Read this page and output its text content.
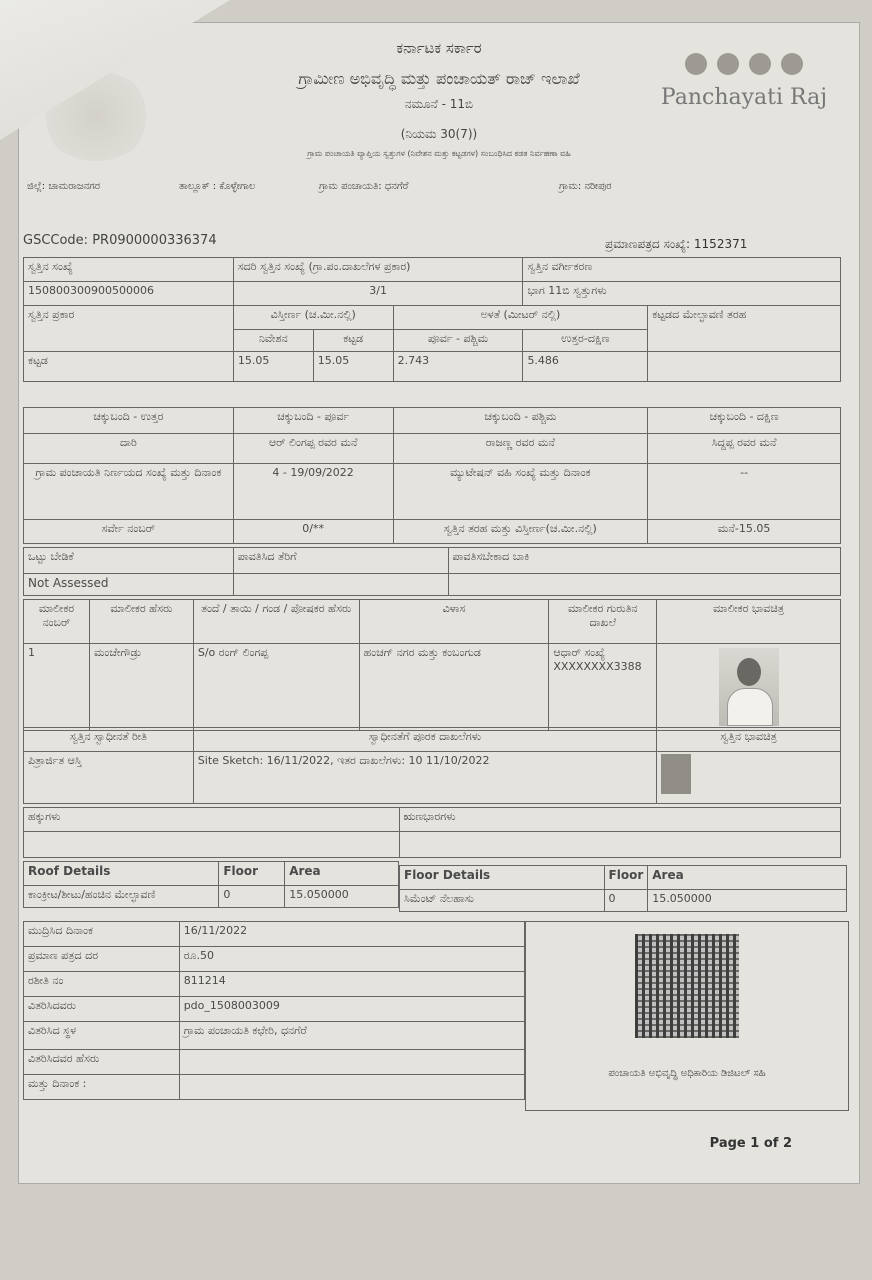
ಕರ್ನಾಟಕ ಸರ್ಕಾರ
ಗ್ರಾಮೀಣ ಅಭಿವೃದ್ಧಿ ಮತ್ತು ಪಂಚಾಯತ್ ರಾಜ್ ಇಲಾಖೆ
ನಮೂನೆ - 11ಬಿ
(ನಿಯಮ 30(7))
ಗ್ರಾಮ ಪಂಚಾಯತಿ ವ್ಯಾಪ್ತಿಯ ಸ್ವತ್ತುಗಳ (ನಿವೇಶನ ಮತ್ತು ಕಟ್ಟಡಗಳ) ಸಂಬಂಧಿಸಿದ ಕಡತ ನಿರ್ವಹಣಾ ವಹಿ
Panchayati Raj
ಜಿಲ್ಲೆ: ಚಾಮರಾಜನಗರ	ತಾಲ್ಲೂಕ್ : ಕೊಳ್ಳೇಗಾಲ	ಗ್ರಾಮ ಪಂಚಾಯತಿ: ಧನಗೆರೆ	ಗ್ರಾಮ: ನರೀಪುರ
GSCCode: PR0900000336374	ಪ್ರಮಾಣಪತ್ರದ ಸಂಖ್ಯೆ: 1152371
ಸ್ವತ್ತಿನ ಸಂಖ್ಯೆ	ಸದರಿ ಸ್ವತ್ತಿನ ಸಂಖ್ಯೆ (ಗ್ರಾ.ಪಂ.ದಾಖಲೆಗಳ ಪ್ರಕಾರ)			ಸ್ವತ್ತಿನ ವರ್ಗೀಕರಣ	
150800300900500006	3/1			ಭಾಗ 11ಬಿ ಸ್ವತ್ತುಗಳು	
ಸ್ವತ್ತಿನ ಪ್ರಕಾರ	ವಿಸ್ತೀರ್ಣ (ಚ.ಮೀ.ನಲ್ಲಿ)		ಅಳತೆ (ಮೀಟರ್ ನಲ್ಲಿ)		ಕಟ್ಟಡದ ಮೇಲ್ಛಾವಣಿ ತರಹ
	ನಿವೇಶನ	ಕಟ್ಟಡ	ಪೂರ್ವ - ಪಶ್ಚಿಮ	ಉತ್ತರ-ದಕ್ಷಿಣ	
ಕಟ್ಟಡ	15.05	15.05	2.743	5.486	
ಚಕ್ಕುಬಂದಿ - ಉತ್ತರ	ಚಕ್ಕುಬಂದಿ - ಪೂರ್ವ	ಚಕ್ಕುಬಂದಿ - ಪಶ್ಚಿಮ	ಚಕ್ಕುಬಂದಿ - ದಕ್ಷಿಣ
ದಾರಿ	ಆರ್ ಲಿಂಗಪ್ಪ ರವರ ಮನೆ	ರಾಜಣ್ಣ ರವರ ಮನೆ	ಸಿದ್ದಪ್ಪ ರವರ ಮನೆ
ಗ್ರಾಮ ಪಂಚಾಯತಿ ನಿರ್ಣಯದ ಸಂಖ್ಯೆ ಮತ್ತು ದಿನಾಂಕ	4 - 19/09/2022	ಮ್ಯುಟೇಷನ್ ವಹಿ ಸಂಖ್ಯೆ ಮತ್ತು ದಿನಾಂಕ	--
ಸರ್ವೇ ನಂಬರ್	0/**	ಸ್ವತ್ತಿನ ತರಹ ಮತ್ತು ವಿಸ್ತೀರ್ಣ(ಚ.ಮೀ.ನಲ್ಲಿ)	ಮನೆ-15.05
ಒಟ್ಟು ಬೇಡಿಕೆ	ಪಾವತಿಸಿದ ತೆರಿಗೆ	ಪಾವತಿಸಬೇಕಾದ ಬಾಕಿ
Not Assessed		
ಮಾಲೀಕರ ನಂಬರ್	ಮಾಲೀಕರ ಹೆಸರು	ತಂದೆ / ತಾಯಿ / ಗಂಡ / ಪೋಷಕರ ಹೆಸರು	ವಿಳಾಸ	ಮಾಲೀಕರ ಗುರುತಿನ ದಾಖಲೆ	ಮಾಲೀಕರ ಭಾವಚಿತ್ರ
1	ಮಂಚೇಗೌಡ್ರು	S/o ರಂಗ್ ಲಿಂಗಪ್ಪ	ಹಂಚಗ್ ನಗರ ಮತ್ತು ಕಂಬಂಗುಡ	ಆಧಾರ್ ಸಂಖ್ಯೆ
XXXXXXXX3388	

ಸ್ವತ್ತಿನ ಸ್ವಾಧೀನತೆ ರೀತಿ	ಸ್ವಾಧೀನತೆಗೆ ಪೂರಕ ದಾಖಲೆಗಳು	ಸ್ವತ್ತಿನ ಭಾವಚಿತ್ರ
ಪಿತ್ರಾರ್ಜಿತ ಆಸ್ತಿ	Site Sketch: 16/11/2022, ಇತರ ದಾಖಲೆಗಳು: 10 11/10/2022	
ಹಕ್ಕುಗಳು	ಋಣಭಾರಗಳು

Roof Details	Floor	Area
ಕಾಂಕ್ರೀಟ/ಶೀಟು/ಹಂಚಿನ ಮೇಲ್ಛಾವಣಿ	0	15.050000
Floor Details	Floor	Area
ಸಿಮೆಂಟ್ ನೆಲಹಾಸು	0	15.050000
ಮುದ್ರಿಸಿದ ದಿನಾಂಕ	16/11/2022
ಪ್ರಮಾಣ ಪತ್ರದ ದರ	ರೂ.50
ರಶೀತಿ ನಂ	811214
ವಿತರಿಸಿದವರು	pdo_1508003009
ವಿತರಿಸಿದ ಸ್ಥಳ	ಗ್ರಾಮ ಪಂಚಾಯತಿ ಕಛೇರಿ, ಧನಗೆರೆ
ವಿತರಿಸಿದವರ ಹೆಸರು	
ಮತ್ತು ದಿನಾಂಕ :	
ಪಂಚಾಯತಿ ಅಭಿವೃದ್ಧಿ ಅಧಿಕಾರಿಯ ಡಿಜಿಟಲ್ ಸಹಿ
Page 1 of 2
